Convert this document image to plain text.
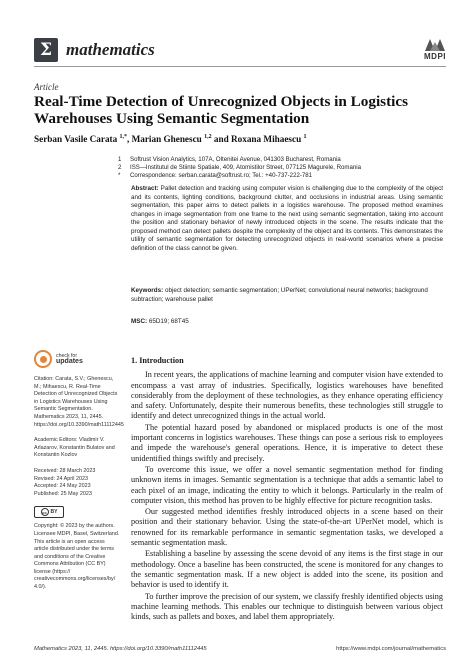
Σ mathematics	MDPI
Article
Real-Time Detection of Unrecognized Objects in Logistics Warehouses Using Semantic Segmentation
Serban Vasile Carata $^{1,*}$, Marian Ghenescu $^{1,2}$ and Roxana Mihaescu $^1$
1	Softrust Vision Analytics, 107A, Oltenitei Avenue, 041303 Bucharest, Romania
2	ISS—Institutul de Stiinte Spatiale, 409, Atomistilor Street, 077125 Magurele, Romania
*	Correspondence: serban.carata@softrust.ro; Tel.: +40-737-222-781
Abstract: Pallet detection and tracking using computer vision is challenging due to the complexity of the object and its contents, lighting conditions, background clutter, and occlusions in industrial areas. Using semantic segmentation, this paper aims to detect pallets in a logistics warehouse. The proposed method examines changes in image segmentation from one frame to the next using semantic segmentation, taking into account the position and stationary behavior of newly introduced objects in the scene. The results indicate that the proposed method can detect pallets despite the complexity of the object and its contents. This demonstrates the utility of semantic segmentation for detecting unrecognized objects in real-world scenarios where a precise definition of the class cannot be given.
Keywords: object detection; semantic segmentation; UPerNet; convolutional neural networks; background subtraction; warehouse pallet
MSC: 65D19; 68T45
check for
updates
Citation: Carata, S.V.; Ghenescu, M.; Mihaescu, R. Real-Time Detection of Unrecognized Objects in Logistics Warehouses Using Semantic Segmentation. Mathematics 2023, 11, 2445. https://doi.org/10.3390/math11112445
Academic Editors: Vladimir V. Arlazarov, Konstantin Bulatov and Konstantin Kozlov
Received: 28 March 2023
Revised: 24 April 2023
Accepted: 24 May 2023
Published: 25 May 2023
cc BY
Copyright: © 2023 by the authors. Licensee MDPI, Basel, Switzerland. This article is an open access article distributed under the terms and conditions of the Creative Commons Attribution (CC BY) license (https:// creativecommons.org/licenses/by/ 4.0/).
1. Introduction

In recent years, the applications of machine learning and computer vision have extended to encompass a vast array of industries. Specifically, logistics warehouses have benefited considerably from the deployment of these technologies, as they enhance operating efficiency and safety. Unfortunately, despite their numerous benefits, these technologies still struggle to identify and detect unrecognized things in the actual world.

The potential hazard posed by abandoned or misplaced products is one of the most important concerns in logistics warehouses. These things can pose a serious risk to employees and impede the warehouse's general operations. Hence, it is imperative to detect these unidentified things swiftly and precisely.

To overcome this issue, we offer a novel semantic segmentation method for finding unknown items in images. Semantic segmentation is a technique that adds a semantic label to each pixel of an image, indicating the entity to which it belongs. Particularly in the realm of computer vision, this method has proven to be highly effective for picture recognition tasks.

Our suggested method identifies freshly introduced objects in a scene based on their position and their stationary behavior. Using the state-of-the-art UPerNet model, which is renowned for its remarkable performance in semantic segmentation tasks, we developed a semantic segmentation mask.

Establishing a baseline by assessing the scene devoid of any items is the first stage in our methodology. Once a baseline has been constructed, the scene is monitored for any changes to the semantic segmentation mask. If a new object is added into the scene, its position and behavior is used to identify it.

To further improve the precision of our system, we classify freshly identified objects using machine learning methods. This enables our technique to distinguish between various object kinds, such as pallets and boxes, and label them appropriately.

Mathematics 2023, 11, 2445. https://doi.org/10.3390/math11112445	https://www.mdpi.com/journal/mathematics
